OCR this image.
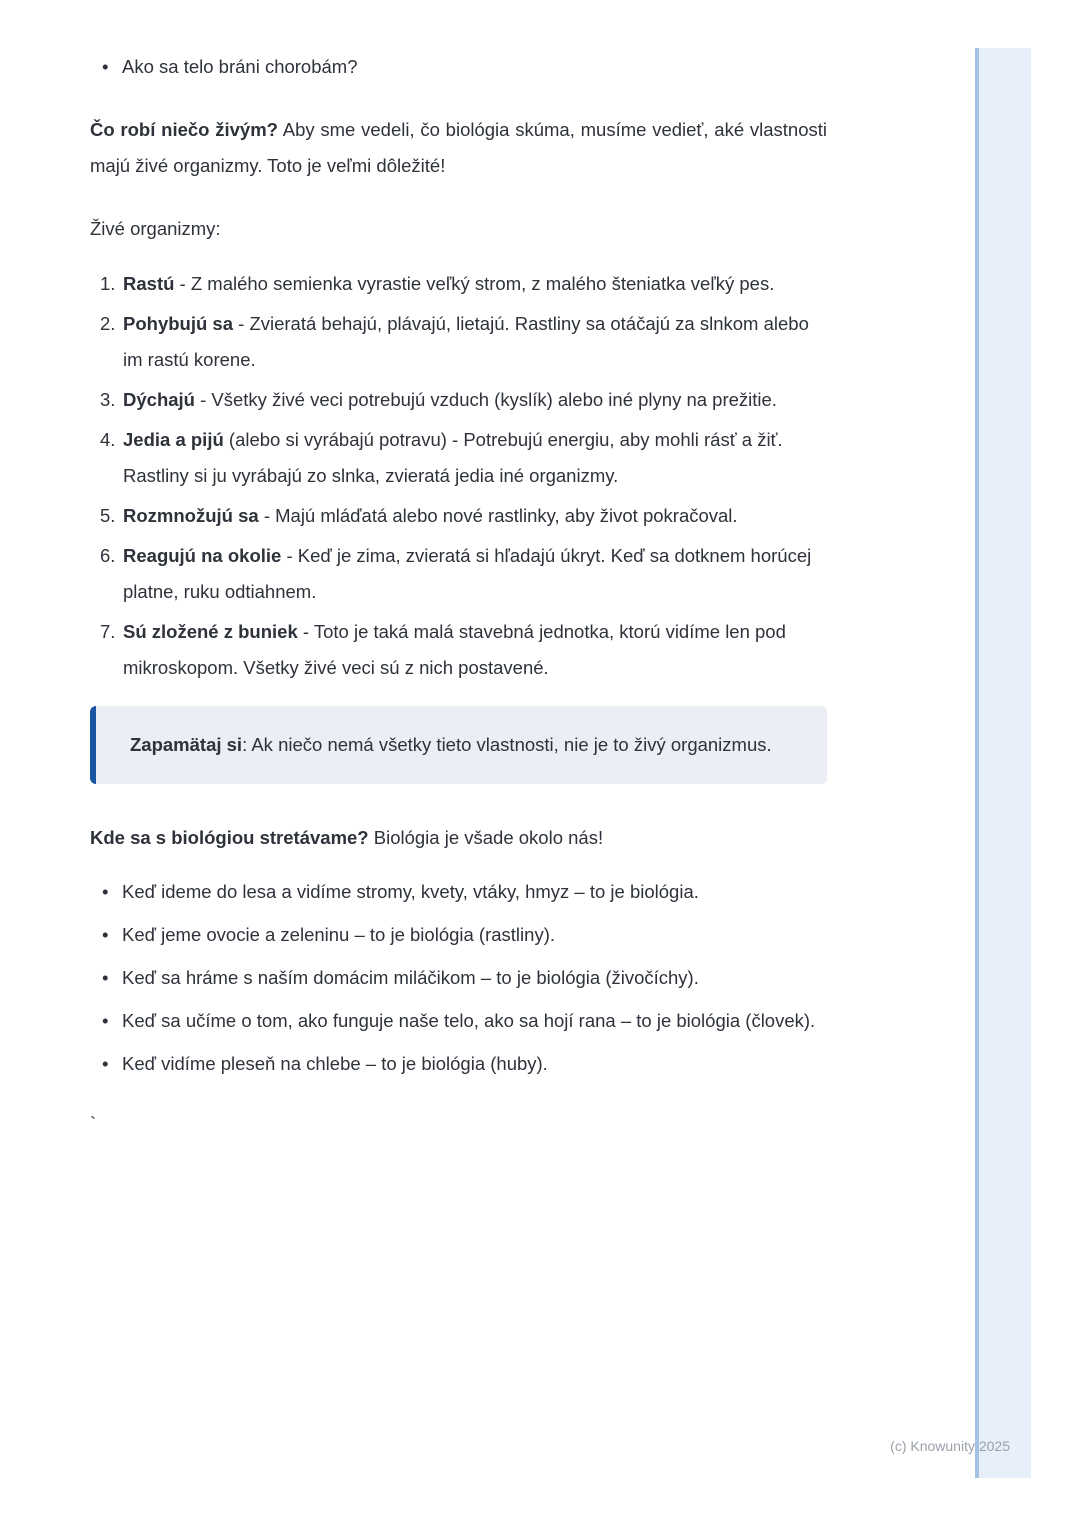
• Ako sa telo bráni chorobám?

Čo robí niečo živým? Aby sme vedeli, čo biológia skúma, musíme vedieť, aké vlastnosti majú živé organizmy. Toto je veľmi dôležité!

Živé organizmy:

1. Rastú - Z malého semienka vyrastie veľký strom, z malého šteniatka veľký pes.
2. Pohybujú sa - Zvieratá behajú, plávajú, lietajú. Rastliny sa otáčajú za slnkom alebo im rastú korene.
3. Dýchajú - Všetky živé veci potrebujú vzduch (kyslík) alebo iné plyny na prežitie.
4. Jedia a pijú (alebo si vyrábajú potravu) - Potrebujú energiu, aby mohli rásť a žiť. Rastliny si ju vyrábajú zo slnka, zvieratá jedia iné organizmy.
5. Rozmnožujú sa - Majú mláďatá alebo nové rastlinky, aby život pokračoval.
6. Reagujú na okolie - Keď je zima, zvieratá si hľadajú úkryt. Keď sa dotknem horúcej platne, ruku odtiahnem.
7. Sú zložené z buniek - Toto je taká malá stavebná jednotka, ktorú vidíme len pod mikroskopom. Všetky živé veci sú z nich postavené.

Zapamätaj si: Ak niečo nemá všetky tieto vlastnosti, nie je to živý organizmus.

Kde sa s biológiou stretávame? Biológia je všade okolo nás!

• Keď ideme do lesa a vidíme stromy, kvety, vtáky, hmyz – to je biológia.
• Keď jeme ovocie a zeleninu – to je biológia (rastliny).
• Keď sa hráme s naším domácim miláčikom – to je biológia (živočíchy).
• Keď sa učíme o tom, ako funguje naše telo, ako sa hojí rana – to je biológia (človek).
• Keď vidíme pleseň na chlebe – to je biológia (huby).

`

(c) Knowunity 2025
